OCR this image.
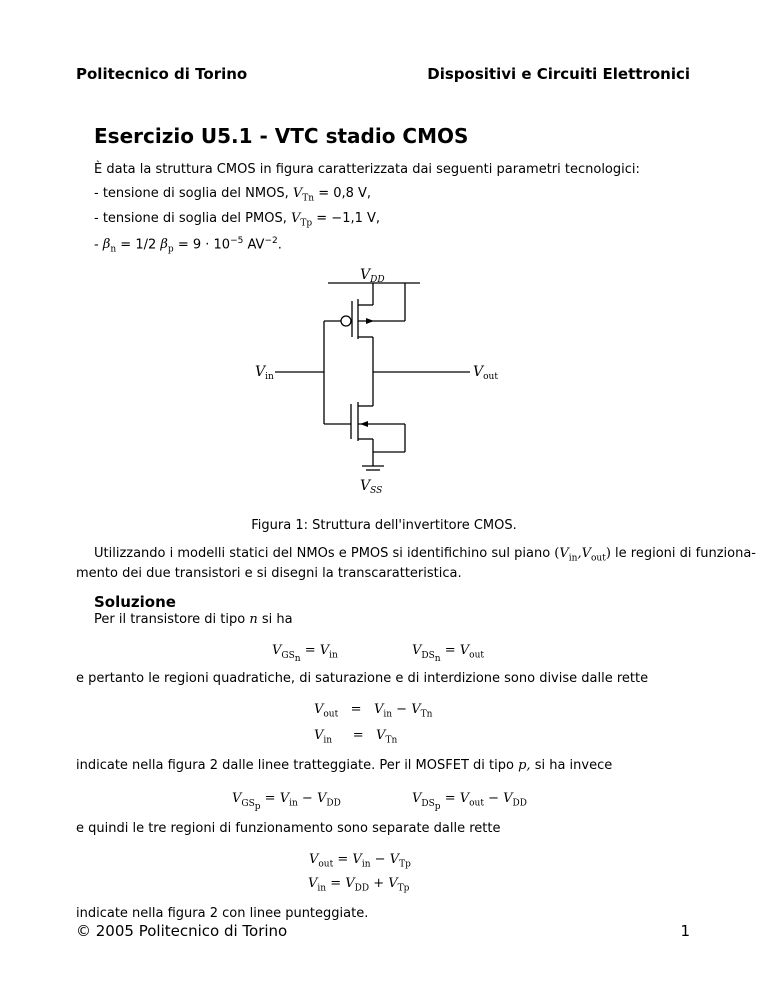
Politecnico di Torino	Dispositivi e Circuiti Elettronici
Esercizio U5.1 - VTC stadio CMOS
È data la struttura CMOS in figura caratterizzata dai seguenti parametri tecnologici:
- tensione di soglia del NMOS, $V_{Tn} = 0,8$ V,
- tensione di soglia del PMOS, $V_{Tp} = -1,1$ V,
- $\beta_n = 1/2$ $\beta_p = 9 \cdot 10^{-5}$ $AV^{-2}$.
$V_{DD}$
$V_{SS}$
$V_{in}$	$V_{out}$
Figura 1: Struttura dell'invertitore CMOS.
Utilizzando i modelli statici del NMOs e PMOS si identifichino sul piano $(V_{in},V_{out})$ le regioni di funziona-
mento dei due transistori e si disegni la transcaratteristica.
Soluzione
Per il transistore di tipo n si ha
$V_{GS_n} = V_{in}$	$V_{DS_n} = V_{out}$
e pertanto le regioni quadratiche, di saturazione e di interdizione sono divise dalle rette
$V_{out} = V_{in} - V_{Tn}$
$V_{in} = V_{Tn}$
indicate nella figura 2 dalle linee tratteggiate. Per il MOSFET di tipo p, si ha invece
$V_{GS_p} = V_{in} - V_{DD}$	$V_{DS_p} = V_{out} - V_{DD}$
e quindi le tre regioni di funzionamento sono separate dalle rette
$V_{out} = V_{in} - V_{Tp}$
$V_{in} = V_{DD} + V_{Tp}$
indicate nella figura 2 con linee punteggiate.
© 2005 Politecnico di Torino	1
